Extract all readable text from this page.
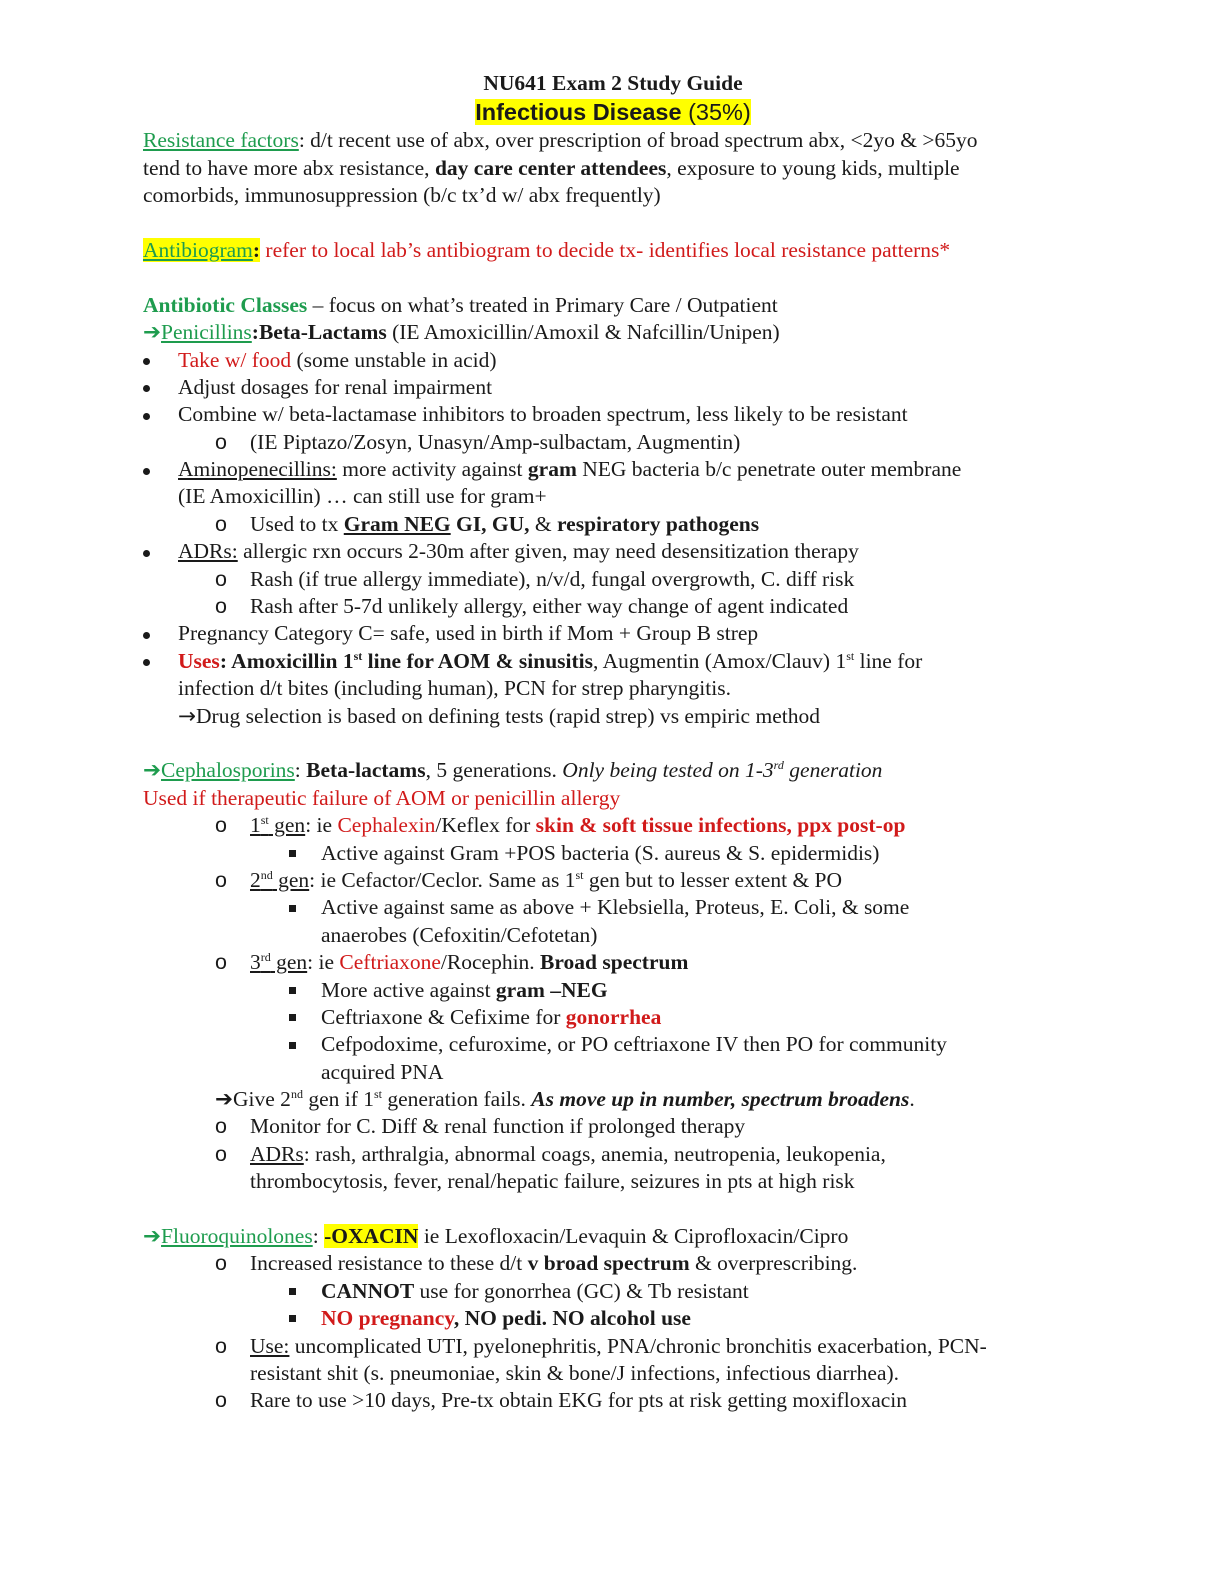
NU641 Exam 2 Study Guide
Infectious Disease (35%)
Resistance factors: d/t recent use of abx, over prescription of broad spectrum abx, <2yo & >65yo
tend to have more abx resistance, day care center attendees, exposure to young kids, multiple
comorbids, immunosuppression (b/c tx’d w/ abx frequently)
Antibiogram: refer to local lab’s antibiogram to decide tx- identifies local resistance patterns*
Antibiotic Classes – focus on what’s treated in Primary Care / Outpatient
➔Penicillins:Beta-Lactams (IE Amoxicillin/Amoxil & Nafcillin/Unipen)
Take w/ food (some unstable in acid)
Adjust dosages for renal impairment
Combine w/ beta-lactamase inhibitors to broaden spectrum, less likely to be resistant
o (IE Piptazo/Zosyn, Unasyn/Amp-sulbactam, Augmentin)
Aminopenecillins: more activity against gram NEG bacteria b/c penetrate outer membrane
(IE Amoxicillin) … can still use for gram+
o Used to tx Gram NEG GI, GU, & respiratory pathogens
ADRs: allergic rxn occurs 2-30m after given, may need desensitization therapy
o Rash (if true allergy immediate), n/v/d, fungal overgrowth, C. diff risk
o Rash after 5-7d unlikely allergy, either way change of agent indicated
Pregnancy Category C= safe, used in birth if Mom + Group B strep
Uses: Amoxicillin 1st line for AOM & sinusitis, Augmentin (Amox/Clauv) 1st line for
infection d/t bites (including human), PCN for strep pharyngitis.
→Drug selection is based on defining tests (rapid strep) vs empiric method
➔Cephalosporins: Beta-lactams, 5 generations. Only being tested on 1-3rd generation
Used if therapeutic failure of AOM or penicillin allergy
o 1st gen: ie Cephalexin/Keflex for skin & soft tissue infections, ppx post-op
Active against Gram +POS bacteria (S. aureus & S. epidermidis)
o 2nd gen: ie Cefactor/Ceclor. Same as 1st gen but to lesser extent & PO
Active against same as above + Klebsiella, Proteus, E. Coli, & some
anaerobes (Cefoxitin/Cefotetan)
o 3rd gen: ie Ceftriaxone/Rocephin. Broad spectrum
More active against gram –NEG
Ceftriaxone & Cefixime for gonorrhea
Cefpodoxime, cefuroxime, or PO ceftriaxone IV then PO for community
acquired PNA
➔Give 2nd gen if 1st generation fails. As move up in number, spectrum broadens.
o Monitor for C. Diff & renal function if prolonged therapy
o ADRs: rash, arthralgia, abnormal coags, anemia, neutropenia, leukopenia,
thrombocytosis, fever, renal/hepatic failure, seizures in pts at high risk
➔Fluoroquinolones: -OXACIN ie Lexofloxacin/Levaquin & Ciprofloxacin/Cipro
o Increased resistance to these d/t v broad spectrum & overprescribing.
CANNOT use for gonorrhea (GC) & Tb resistant
NO pregnancy, NO pedi. NO alcohol use
o Use: uncomplicated UTI, pyelonephritis, PNA/chronic bronchitis exacerbation, PCN-
resistant shit (s. pneumoniae, skin & bone/J infections, infectious diarrhea).
o Rare to use >10 days, Pre-tx obtain EKG for pts at risk getting moxifloxacin
